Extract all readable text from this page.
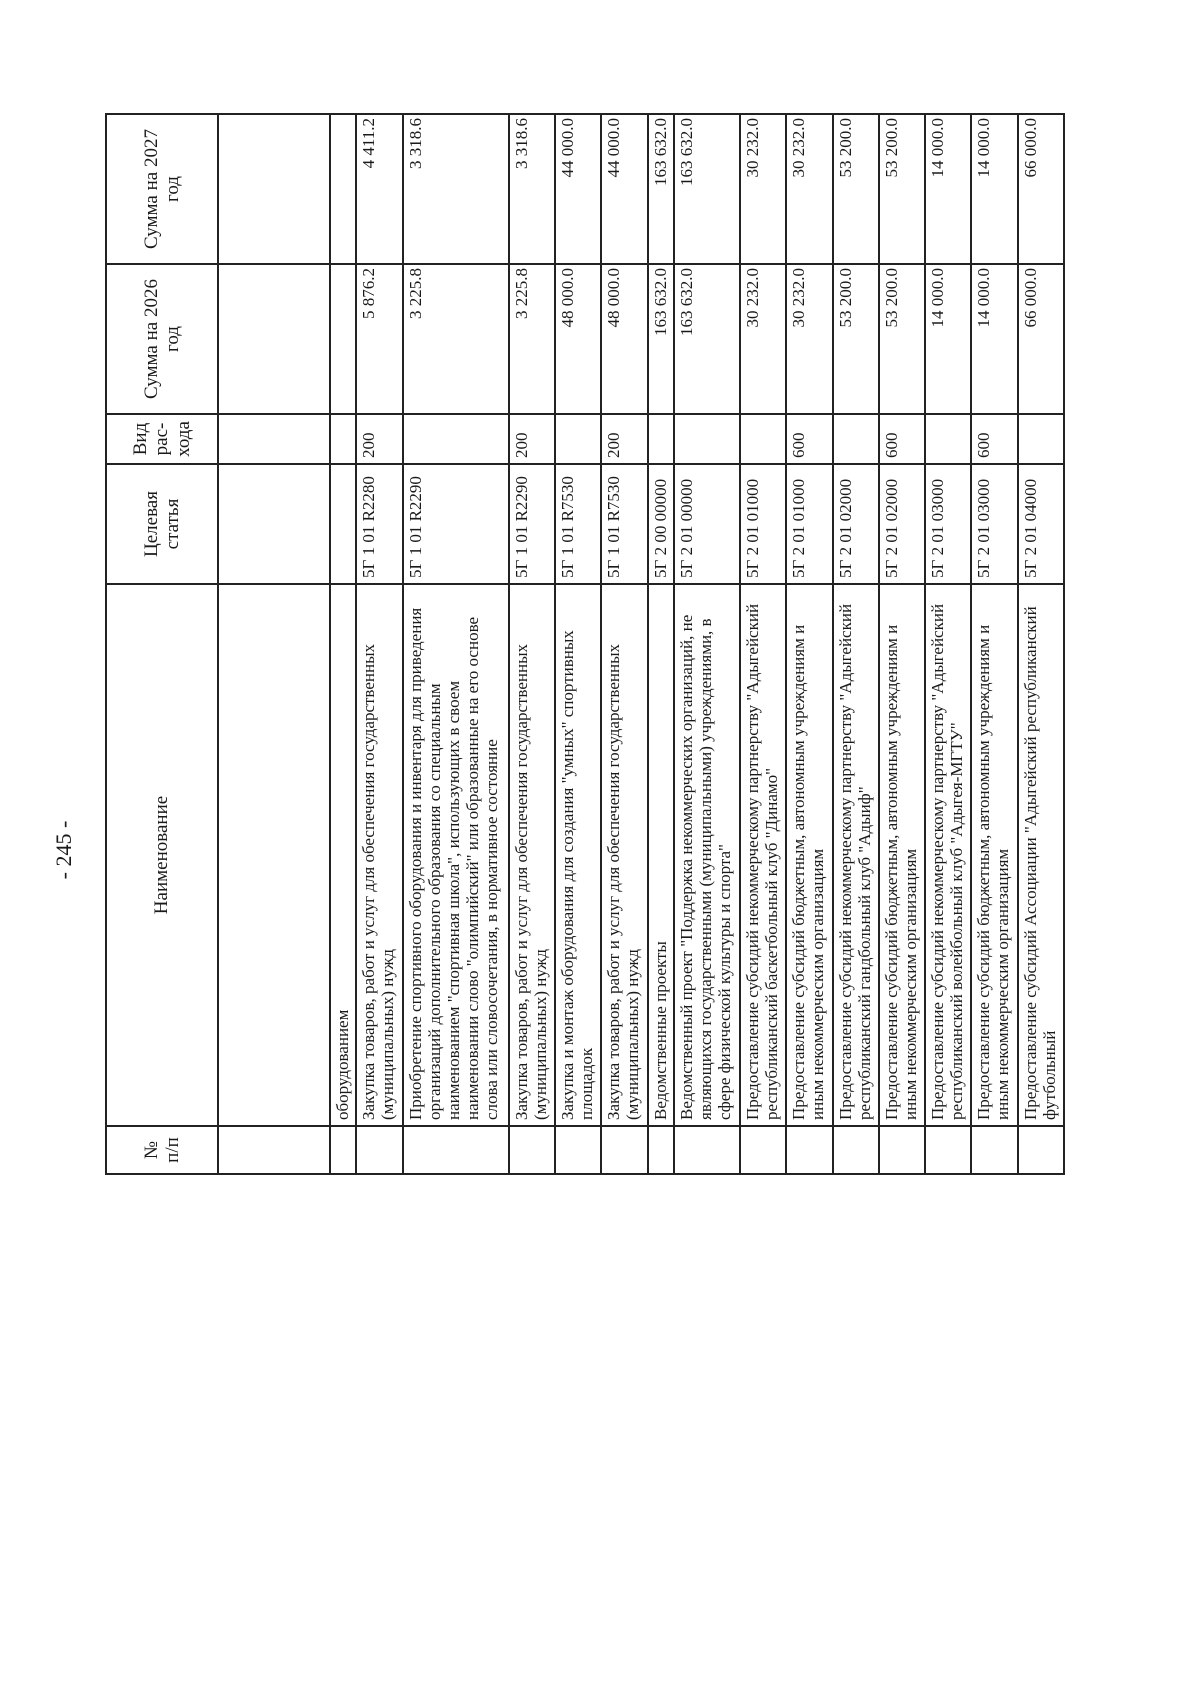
- 245 -
№ п/п	Наименование	Целевая статья	Вид рас-хода	Сумма на 2026 год	Сумма на 2027 год

	оборудованием				
	Закупка товаров, работ и услуг для обеспечения государственных (муниципальных) нужд	5Г 1 01 R2280	200	5 876.2	4 411.2
	Приобретение спортивного оборудования и инвентаря для приведения организаций дополнительного образования со специальным наименованием "спортивная школа", использующих в своем наименовании слово "олимпийский" или образованные на его основе слова или словосочетания, в нормативное состояние	5Г 1 01 R2290		3 225.8	3 318.6
	Закупка товаров, работ и услуг для обеспечения государственных (муниципальных) нужд	5Г 1 01 R2290	200	3 225.8	3 318.6
	Закупка и монтаж оборудования для создания "умных" спортивных площадок	5Г 1 01 R7530		48 000.0	44 000.0
	Закупка товаров, работ и услуг для обеспечения государственных (муниципальных) нужд	5Г 1 01 R7530	200	48 000.0	44 000.0
	Ведомственные проекты	5Г 2 00 00000		163 632.0	163 632.0
	Ведомственный проект "Поддержка некоммерческих организаций, не являющихся государственными (муниципальными) учреждениями, в сфере физической культуры и спорта"	5Г 2 01 00000		163 632.0	163 632.0
	Предоставление субсидий некоммерческому партнерству "Адыгейский республиканский баскетбольный клуб "Динамо"	5Г 2 01 01000		30 232.0	30 232.0
	Предоставление субсидий бюджетным, автономным учреждениям и иным некоммерческим организациям	5Г 2 01 01000	600	30 232.0	30 232.0
	Предоставление субсидий некоммерческому партнерству "Адыгейский республиканский гандбольный клуб "Адыиф"	5Г 2 01 02000		53 200.0	53 200.0
	Предоставление субсидий бюджетным, автономным учреждениям и иным некоммерческим организациям	5Г 2 01 02000	600	53 200.0	53 200.0
	Предоставление субсидий некоммерческому партнерству "Адыгейский республиканский волейбольный клуб "Адыгея-МГТУ"	5Г 2 01 03000		14 000.0	14 000.0
	Предоставление субсидий бюджетным, автономным учреждениям и иным некоммерческим организациям	5Г 2 01 03000	600	14 000.0	14 000.0
	Предоставление субсидий Ассоциации "Адыгейский республиканский футбольный	5Г 2 01 04000		66 000.0	66 000.0
